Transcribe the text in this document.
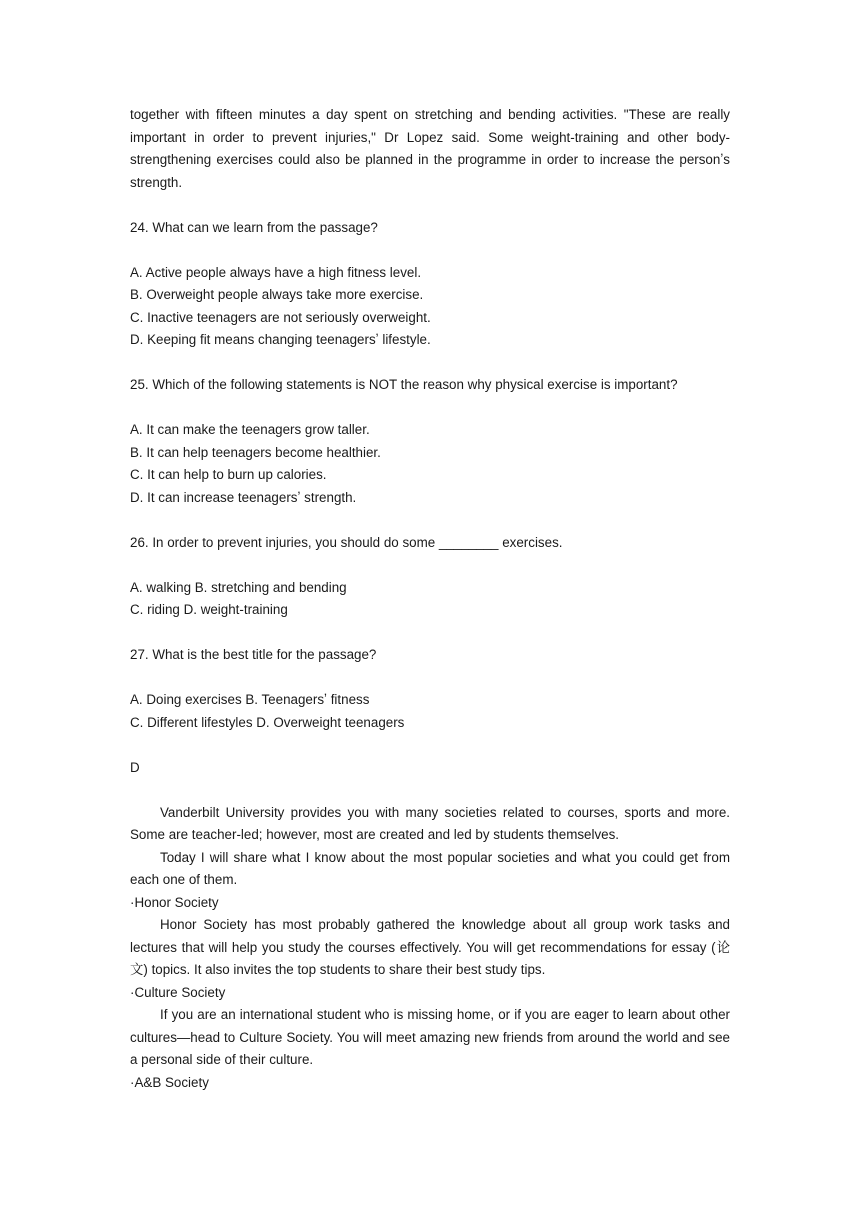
together with fifteen minutes a day spent on stretching and bending activities. "These are really important in order to prevent injuries," Dr Lopez said. Some weight-training and other body-strengthening exercises could also be planned in the programme in order to increase the personʼs strength.

24. What can we learn from the passage?

A. Active people always have a high fitness level.

B. Overweight people always take more exercise.

C. Inactive teenagers are not seriously overweight.

D. Keeping fit means changing teenagersʼ lifestyle.

25. Which of the following statements is NOT the reason why physical exercise is important?

A. It can make the teenagers grow taller.

B. It can help teenagers become healthier.

C. It can help to burn up calories.

D. It can increase teenagersʼ strength.

26. In order to prevent injuries, you should do some ________ exercises.

A. walking B. stretching and bending

C. riding D. weight-training

27. What is the best title for the passage?

A. Doing exercises B. Teenagersʼ fitness

C. Different lifestyles D. Overweight teenagers

D

Vanderbilt University provides you with many societies related to courses, sports and more. Some are teacher-led; however, most are created and led by students themselves.

Today I will share what I know about the most popular societies and what you could get from each one of them.

·Honor Society

Honor Society has most probably gathered the knowledge about all group work tasks and lectures that will help you study the courses effectively. You will get recommendations for essay (论文) topics. It also invites the top students to share their best study tips.

·Culture Society

If you are an international student who is missing home, or if you are eager to learn about other cultures—head to Culture Society. You will meet amazing new friends from around the world and see a personal side of their culture.

·A&B Society
